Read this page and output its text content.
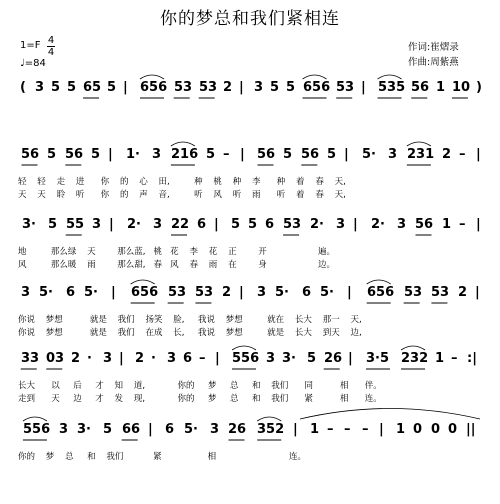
你的梦总和我们紧相连
1=F 4
4
♩=84
作词:崔熠录
作曲:周紫燕
( 3 5 5 65 5 | 656 53 53 2 | 3 5 5 656 53 | 535 56 1 10 )
56 5 56 5 | 1· 3 216 5 – | 56 5 56 5 | 5· 3 231 2 – |
轻    轻    走    进      你    的    心    田,         种    桃    种    李      种    着    春    天,
天    天    聆    听      你    的    声    音,         听    风    听    雨      听    着    春    天,
3· 5 55 3 | 2· 3 22 6 | 5 5 6 53 2· 3 | 2· 3 56 1 – |
地         那么绿    天        那么蓝,   桃   花    李    花    正        开                   遍。
风         那么暖    雨        那么甜,   春   风    春    雨    在        身                   边。
3 5· 6 5· | 656 53 53 2 | 3 5· 6 5· | 656 53 53 2 |
你说    梦想          就是    我们    扬笑    脸,     我说    梦想         就在    长大    那一    天,
你说    梦想          就是    我们    在成    长,     我说    梦想         就是    长大    到天    边,
33 03 2 · 3 | 2 · 3 6 – | 556 3 3· 5 26 | 3·5 232 1 – :|
长大      以     后     才    知    道,            你的     梦     总     和    我们      同          相      伴。
走到      天     边     才    发    现,            你的     梦     总     和    我们      紧          相      连。
556 3 3· 5 66 | 6 5· 3 26 352 | 1 – – – | 1 0 0 0 ||
你的    梦    总     和    我们           紧                 相                           连。
